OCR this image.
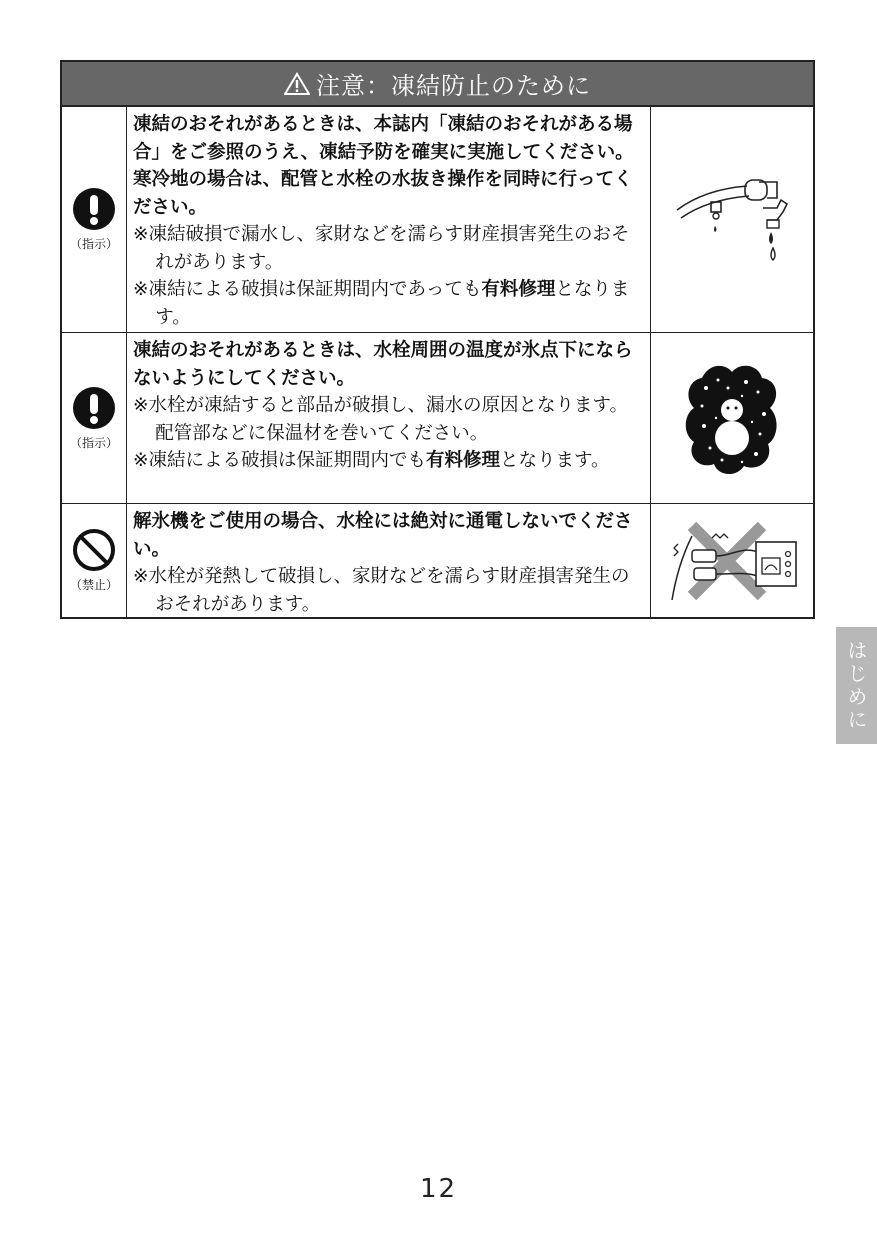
注意：凍結防止のために
（指示）
凍結のおそれがあるときは、本誌内「凍結のおそれがある場合」をご参照のうえ、凍結予防を確実に実施してください。寒冷地の場合は、配管と水栓の水抜き操作を同時に行ってください。
※凍結破損で漏水し、家財などを濡らす財産損害発生のおそれがあります。
※凍結による破損は保証期間内であっても有料修理となります。
（指示）
凍結のおそれがあるときは、水栓周囲の温度が氷点下にならないようにしてください。
※水栓が凍結すると部品が破損し、漏水の原因となります。配管部などに保温材を巻いてください。
※凍結による破損は保証期間内でも有料修理となります。
（禁止）
解氷機をご使用の場合、水栓には絶対に通電しないでください。
※水栓が発熱して破損し、家財などを濡らす財産損害発生のおそれがあります。
はじめに
12
